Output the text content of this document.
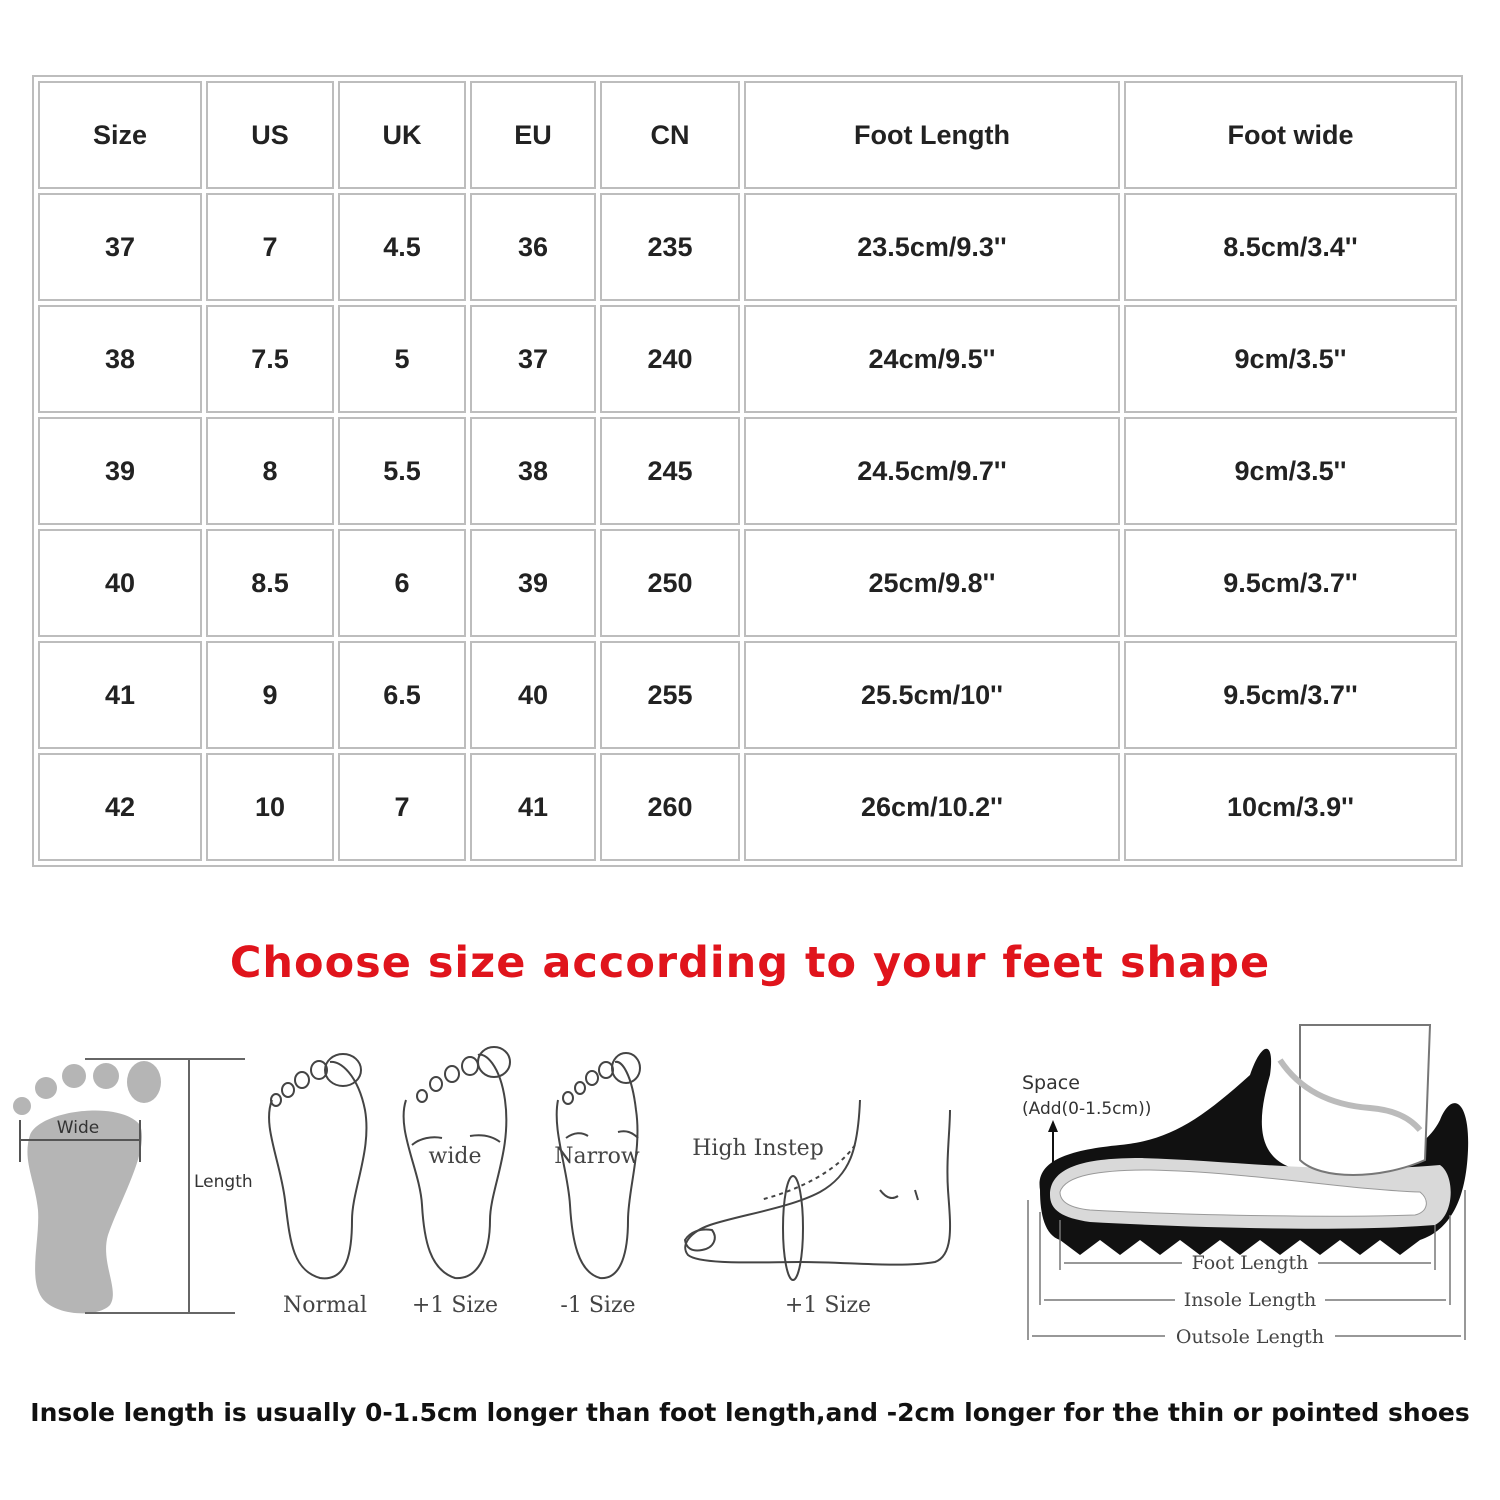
Size	US	UK	EU	CN	Foot Length	Foot wide
37	7	4.5	36	235	23.5cm/9.3''	8.5cm/3.4''
38	7.5	5	37	240	24cm/9.5''	9cm/3.5''
39	8	5.5	38	245	24.5cm/9.7''	9cm/3.5''
40	8.5	6	39	250	25cm/9.8''	9.5cm/3.7''
41	9	6.5	40	255	25.5cm/10''	9.5cm/3.7''
42	10	7	41	260	26cm/10.2''	10cm/3.9''
Choose size according to your feet shape
Wide
Length
Normal
wide
+1 Size
Narrow
-1 Size
High Instep
+1 Size
Space
(Add(0-1.5cm))
Foot Length
Insole Length
Outsole Length

Insole length is usually 0-1.5cm longer than foot length,and -2cm longer for the thin or pointed shoes
